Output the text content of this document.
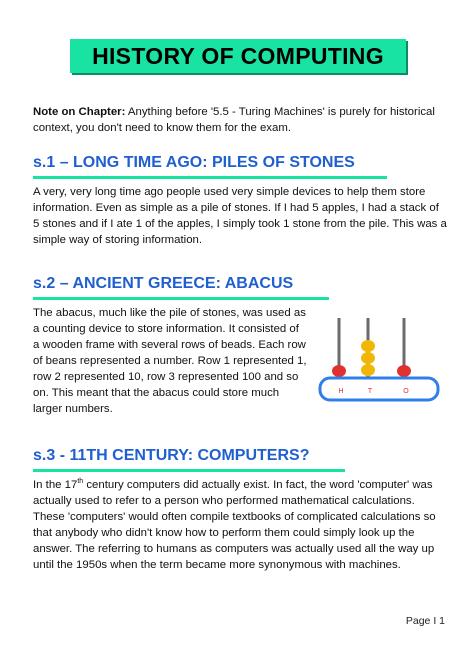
HISTORY OF COMPUTING
Note on Chapter: Anything before '5.5 - Turing Machines' is purely for historical context, you don't need to know them for the exam.
s.1 – LONG TIME AGO: PILES OF STONES
A very, very long time ago people used very simple devices to help them store information. Even as simple as a pile of stones. If I had 5 apples, I had a stack of 5 stones and if I ate 1 of the apples, I simply took 1 stone from the pile. This was a simple way of storing information.
s.2 – ANCIENT GREECE: ABACUS
The abacus, much like the pile of stones, was used as a counting device to store information. It consisted of a wooden frame with several rows of beads. Each row of beans represented a number. Row 1 represented 1, row 2 represented 10, row 3 represented 100 and so on. This meant that the abacus could store much larger numbers.
H	T	O
s.3 - 11TH CENTURY: COMPUTERS?
In the 17th century computers did actually exist. In fact, the word 'computer' was actually used to refer to a person who performed mathematical calculations. These 'computers' would often compile textbooks of complicated calculations so that anybody who didn't know how to perform them could simply look up the answer. The referring to humans as computers was actually used all the way up until the 1950s when the term became more synonymous with machines.
Page I 1
